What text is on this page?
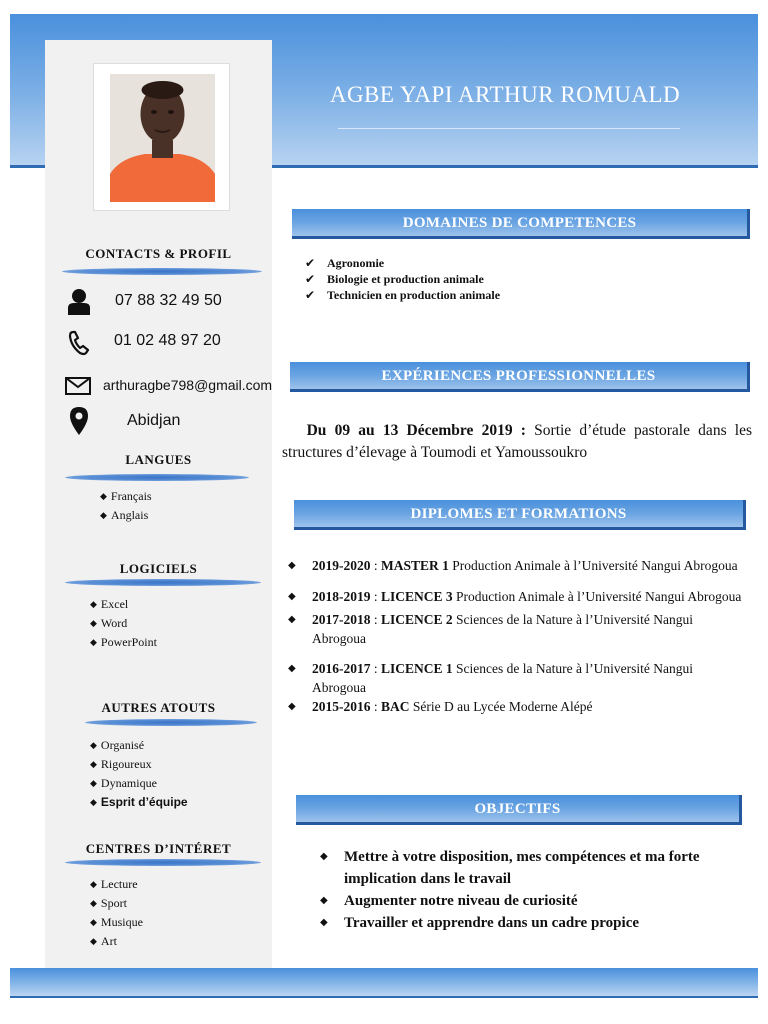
AGBE YAPI ARTHUR ROMUALD
CONTACTS & PROFIL
07 88 32 49 50
01 02 48 97 20
arthuragbe798@gmail.com
Abidjan
LANGUES
◆ Français
◆ Anglais
LOGICIELS
◆ Excel
◆ Word
◆ PowerPoint
AUTRES ATOUTS
◆ Organisé
◆ Rigoureux
◆ Dynamique
◆ Esprit d’équipe
CENTRES D’INTÉRET
◆ Lecture
◆ Sport
◆ Musique
◆ Art
DOMAINES DE COMPETENCES
✔ Agronomie
✔ Biologie et production animale
✔ Technicien en production animale
EXPÉRIENCES PROFESSIONNELLES

Du 09 au 13 Décembre 2019 : Sortie d’étude pastorale dans les structures d’élevage à Toumodi et Yamoussoukro

DIPLOMES ET FORMATIONS
◆ 2019-2020 : MASTER 1 Production Animale à l’Université Nangui Abrogoua
◆ 2018-2019 : LICENCE 3 Production Animale à l’Université Nangui Abrogoua
◆ 2017-2018 : LICENCE 2 Sciences de la Nature à l’Université Nangui Abrogoua
◆ 2016-2017 : LICENCE 1 Sciences de la Nature à l’Université Nangui Abrogoua
◆ 2015-2016 : BAC Série D au Lycée Moderne Alépé
OBJECTIFS
◆ Mettre à votre disposition, mes compétences et ma forte implication dans le travail
◆ Augmenter notre niveau de curiosité
◆ Travailler et apprendre dans un cadre propice
